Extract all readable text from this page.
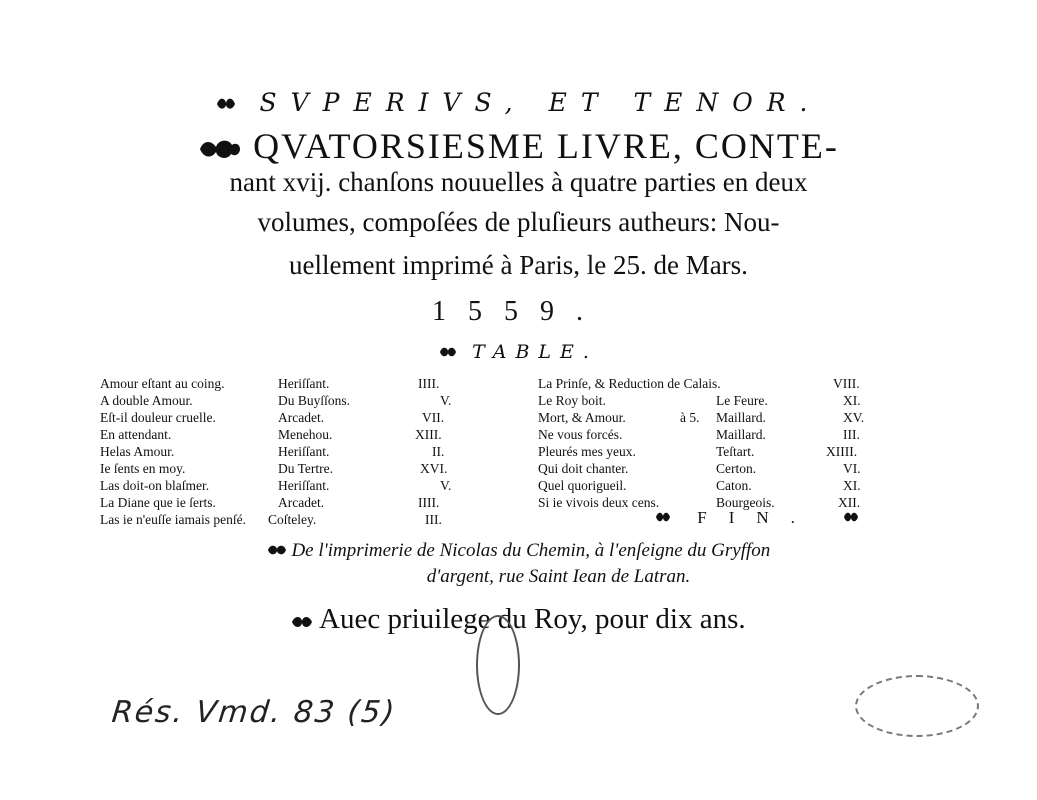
SVPERIVS, ET TENOR.
QVATORSIESME LIVRE, CONTE-
nant xvij. chanſons nouuelles à quatre parties en deux
volumes, compoſées de pluſieurs autheurs: Nou-
uellement imprimé à Paris, le 25. de Mars.
1559.
TABLE.
Amour eſtant au coing.	Heriſſant.	IIII.
A double Amour.	Du Buyſſons.	V.
Eſt-il douleur cruelle.	Arcadet.	VII.
En attendant.	Menehou.	XIII.
Helas Amour.	Heriſſant.	II.
Ie ſents en moy.	Du Tertre.	XVI.
Las doit-on blaſmer.	Heriſſant.	V.
La Diane que ie ſerts.	Arcadet.	IIII.
Las ie n'euſſe iamais penſé. Coſteley.	III.
La Prinſe, & Reduction de Calais.	VIII.
Le Roy boit.	Le Feure.	XI.
Mort, & Amour.	à 5. Maillard.	XV.
Ne vous forcés.	Maillard.	III.
Pleurés mes yeux.	Teſtart.	XIIII.
Qui doit chanter.	Certon.	VI.
Quel quorigueil.	Caton.	XI.
Si ie vivois deux cens.	Bourgeois.	XII.
FIN.
De l'imprimerie de Nicolas du Chemin, à l'enſeigne du Gryffon
d'argent, rue Saint Iean de Latran.
Auec priuilege du Roy, pour dix ans.
Rés. Vmd. 83 (5)
